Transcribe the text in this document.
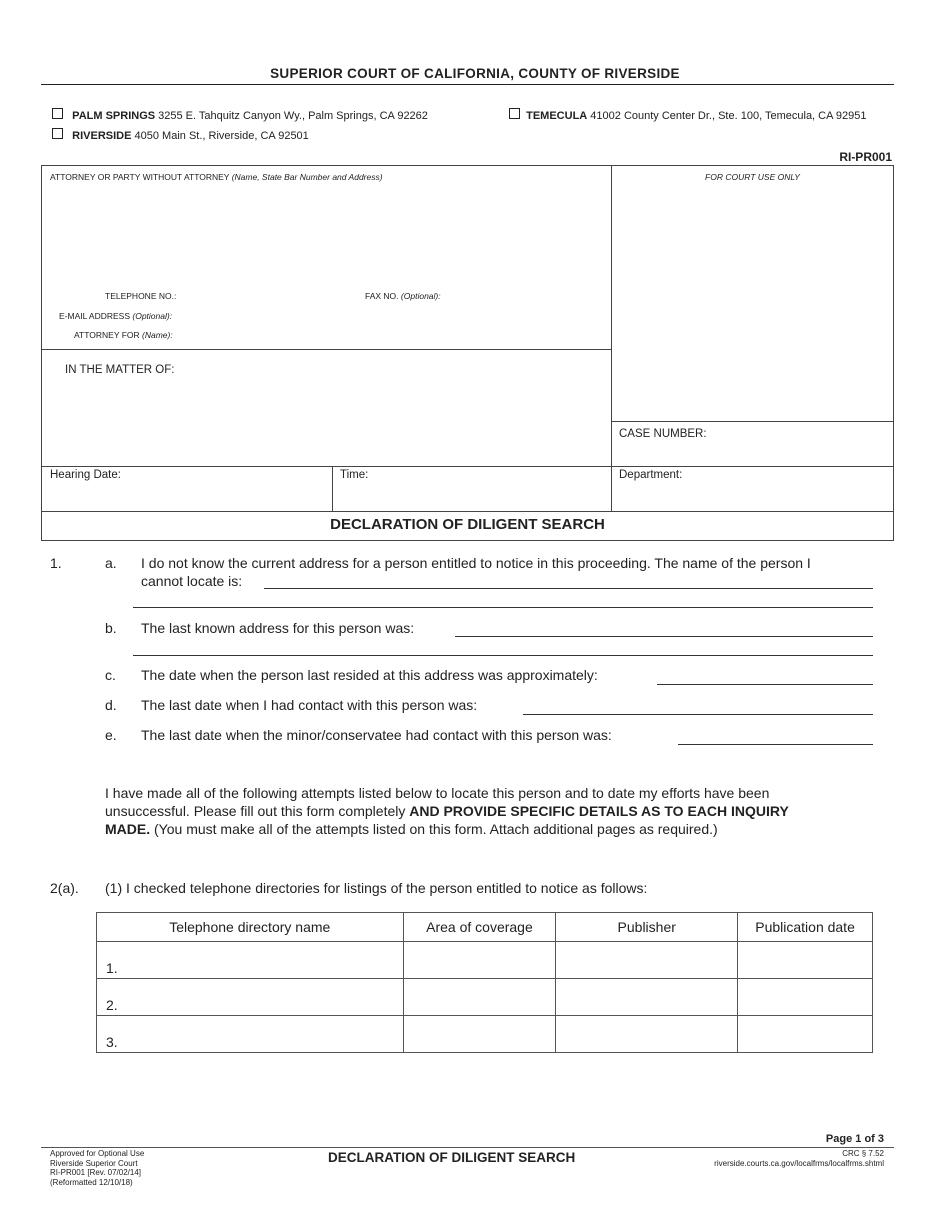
SUPERIOR COURT OF CALIFORNIA, COUNTY OF RIVERSIDE
PALM SPRINGS 3255 E. Tahquitz Canyon Wy., Palm Springs, CA 92262	TEMECULA 41002 County Center Dr., Ste. 100, Temecula, CA 92951
RIVERSIDE 4050 Main St., Riverside, CA 92501
RI-PR001
ATTORNEY OR PARTY WITHOUT ATTORNEY (Name, State Bar Number and Address)	FOR COURT USE ONLY
TELEPHONE NO.:	FAX NO. (Optional):
E-MAIL ADDRESS (Optional):
ATTORNEY FOR (Name):
IN THE MATTER OF:
CASE NUMBER:
Hearing Date:	Time:	Department:
DECLARATION OF DILIGENT SEARCH
1.	a. I do not know the current address for a person entitled to notice in this proceeding. The name of the person I
cannot locate is:
b. The last known address for this person was:
c. The date when the person last resided at this address was approximately:
d. The last date when I had contact with this person was:
e. The last date when the minor/conservatee had contact with this person was:
I have made all of the following attempts listed below to locate this person and to date my efforts have been
unsuccessful. Please fill out this form completely AND PROVIDE SPECIFIC DETAILS AS TO EACH INQUIRY
MADE. (You must make all of the attempts listed on this form. Attach additional pages as required.)
2(a). (1) I checked telephone directories for listings of the person entitled to notice as follows:
Telephone directory name	Area of coverage	Publisher	Publication date
1.			
2.			
3.			
Page 1 of 3
Approved for Optional Use
Riverside Superior Court
RI-PR001 [Rev. 07/02/14]
(Reformatted 12/10/18)
DECLARATION OF DILIGENT SEARCH	CRC § 7.52
riverside.courts.ca.gov/localfrms/localfrms.shtml
